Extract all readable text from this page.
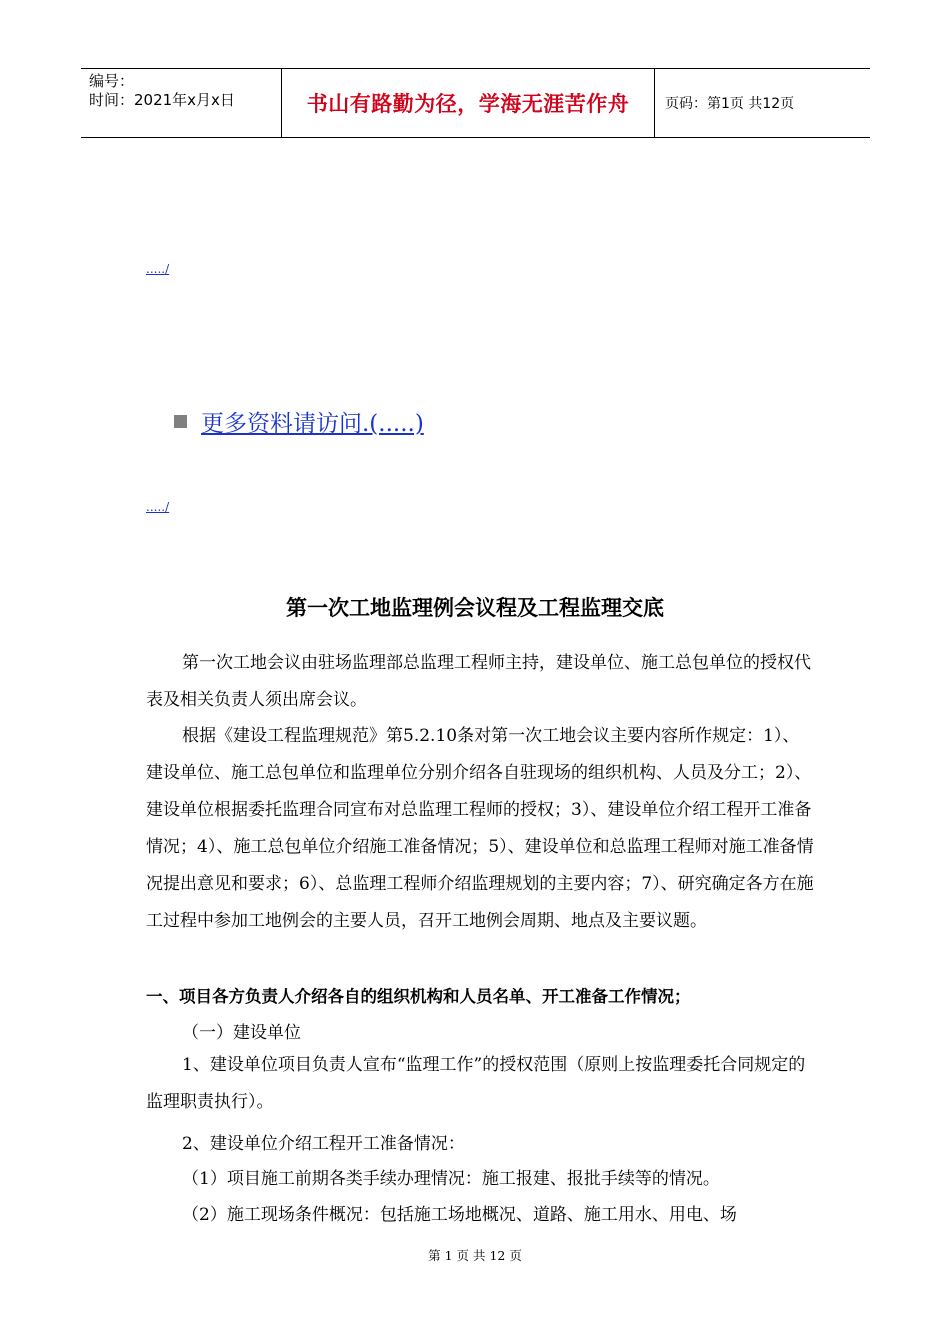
编号：
时间：2021年x月x日	书山有路勤为径，学海无涯苦作舟	页码：第1页 共12页
...../
更多资料请访问.(.....)
...../
第一次工地监理例会议程及工程监理交底

第一次工地会议由驻场监理部总监理工程师主持，建设单位、施工总包单位的授权代表及相关负责人须出席会议。

根据《建设工程监理规范》第5.2.10条对第一次工地会议主要内容所作规定：1）、建设单位、施工总包单位和监理单位分别介绍各自驻现场的组织机构、人员及分工；2）、建设单位根据委托监理合同宣布对总监理工程师的授权；3）、建设单位介绍工程开工准备情况；4）、施工总包单位介绍施工准备情况；5）、建设单位和总监理工程师对施工准备情况提出意见和要求；6）、总监理工程师介绍监理规划的主要内容；7）、研究确定各方在施工过程中参加工地例会的主要人员，召开工地例会周期、地点及主要议题。

一、项目各方负责人介绍各自的组织机构和人员名单、开工准备工作情况；

（一）建设单位

1、建设单位项目负责人宣布“监理工作”的授权范围（原则上按监理委托合同规定的监理职责执行）。

2、建设单位介绍工程开工准备情况：

（1）项目施工前期各类手续办理情况：施工报建、报批手续等的情况。

（2）施工现场条件概况：包括施工场地概况、道路、施工用水、用电、场

第 1 页 共 12 页
